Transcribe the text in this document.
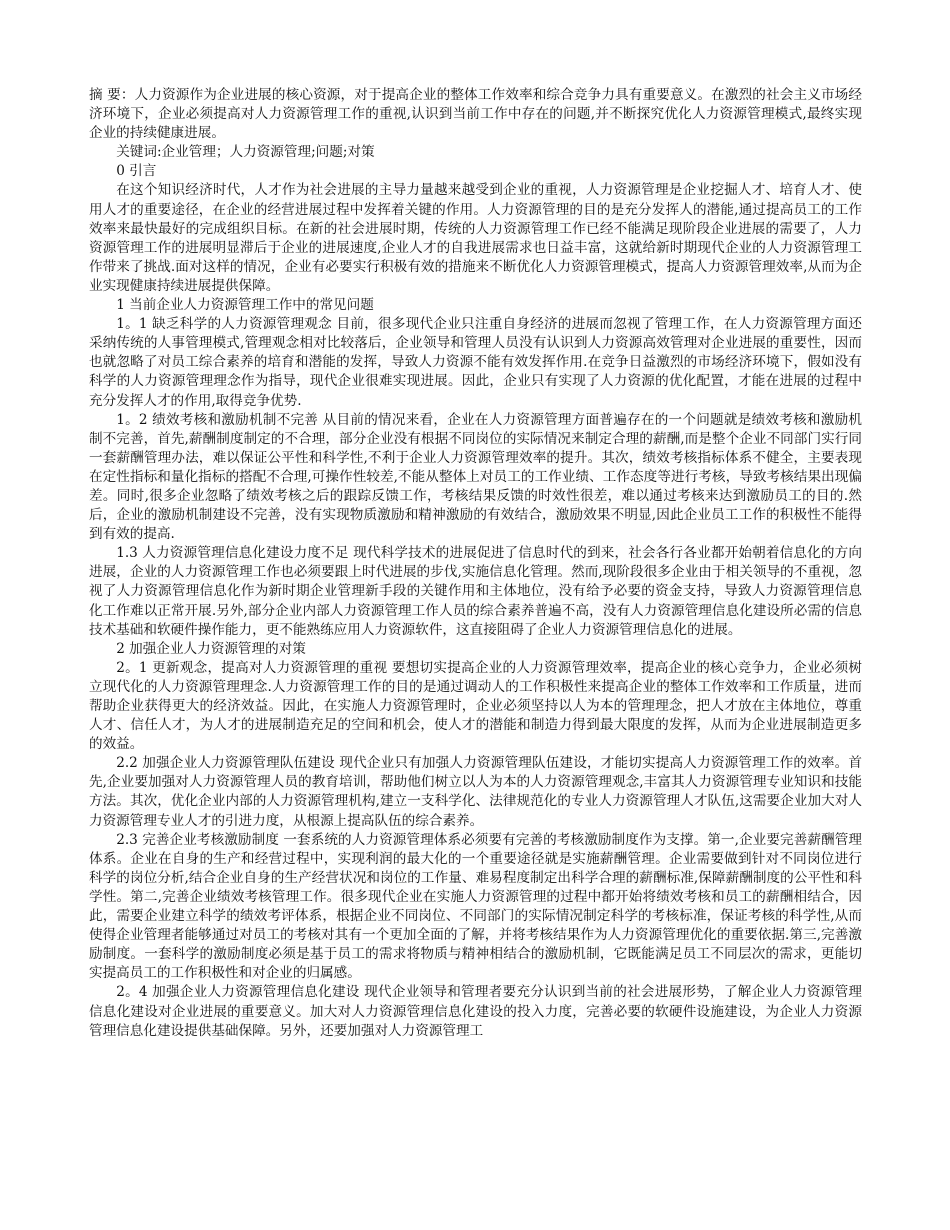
摘 要：人力资源作为企业进展的核心资源，对于提高企业的整体工作效率和综合竞争力具有重要意义。在激烈的社会主义市场经济环境下，企业必须提高对人力资源管理工作的重视,认识到当前工作中存在的问题,并不断探究优化人力资源管理模式,最终实现企业的持续健康进展。

关键词:企业管理；人力资源管理;问题;对策

0 引言

在这个知识经济时代，人才作为社会进展的主导力量越来越受到企业的重视，人力资源管理是企业挖掘人才、培育人才、使用人才的重要途径，在企业的经营进展过程中发挥着关键的作用。人力资源管理的目的是充分发挥人的潜能,通过提高员工的工作效率来最快最好的完成组织目标。在新的社会进展时期，传统的人力资源管理工作已经不能满足现阶段企业进展的需要了，人力资源管理工作的进展明显滞后于企业的进展速度,企业人才的自我进展需求也日益丰富，这就给新时期现代企业的人力资源管理工作带来了挑战.面对这样的情况，企业有必要实行积极有效的措施来不断优化人力资源管理模式，提高人力资源管理效率,从而为企业实现健康持续进展提供保障。

1 当前企业人力资源管理工作中的常见问题

1。1 缺乏科学的人力资源管理观念 目前，很多现代企业只注重自身经济的进展而忽视了管理工作，在人力资源管理方面还采纳传统的人事管理模式,管理观念相对比较落后，企业领导和管理人员没有认识到人力资源高效管理对企业进展的重要性，因而也就忽略了对员工综合素养的培育和潜能的发挥，导致人力资源不能有效发挥作用.在竞争日益激烈的市场经济环境下，假如没有科学的人力资源管理理念作为指导，现代企业很难实现进展。因此，企业只有实现了人力资源的优化配置，才能在进展的过程中充分发挥人才的作用,取得竞争优势.

1。2 绩效考核和激励机制不完善 从目前的情况来看，企业在人力资源管理方面普遍存在的一个问题就是绩效考核和激励机制不完善，首先,薪酬制度制定的不合理，部分企业没有根据不同岗位的实际情况来制定合理的薪酬,而是整个企业不同部门实行同一套薪酬管理办法，难以保证公平性和科学性,不利于企业人力资源管理效率的提升。其次，绩效考核指标体系不健全，主要表现在定性指标和量化指标的搭配不合理,可操作性较差,不能从整体上对员工的工作业绩、工作态度等进行考核，导致考核结果出现偏差。同时,很多企业忽略了绩效考核之后的跟踪反馈工作，考核结果反馈的时效性很差，难以通过考核来达到激励员工的目的.然后，企业的激励机制建设不完善，没有实现物质激励和精神激励的有效结合，激励效果不明显,因此企业员工工作的积极性不能得到有效的提高.

1.3 人力资源管理信息化建设力度不足 现代科学技术的进展促进了信息时代的到来，社会各行各业都开始朝着信息化的方向进展，企业的人力资源管理工作也必须要跟上时代进展的步伐,实施信息化管理。然而,现阶段很多企业由于相关领导的不重视，忽视了人力资源管理信息化作为新时期企业管理新手段的关键作用和主体地位，没有给予必要的资金支持，导致人力资源管理信息化工作难以正常开展.另外,部分企业内部人力资源管理工作人员的综合素养普遍不高，没有人力资源管理信息化建设所必需的信息技术基础和软硬件操作能力，更不能熟练应用人力资源软件，这直接阻碍了企业人力资源管理信息化的进展。

2 加强企业人力资源管理的对策

2。1 更新观念，提高对人力资源管理的重视 要想切实提高企业的人力资源管理效率，提高企业的核心竞争力，企业必须树立现代化的人力资源管理理念.人力资源管理工作的目的是通过调动人的工作积极性来提高企业的整体工作效率和工作质量，进而帮助企业获得更大的经济效益。因此，在实施人力资源管理时，企业必须坚持以人为本的管理理念，把人才放在主体地位，尊重人才、信任人才，为人才的进展制造充足的空间和机会，使人才的潜能和制造力得到最大限度的发挥，从而为企业进展制造更多的效益。

2.2 加强企业人力资源管理队伍建设 现代企业只有加强人力资源管理队伍建设，才能切实提高人力资源管理工作的效率。首先,企业要加强对人力资源管理人员的教育培训，帮助他们树立以人为本的人力资源管理观念,丰富其人力资源管理专业知识和技能方法。其次，优化企业内部的人力资源管理机构,建立一支科学化、法律规范化的专业人力资源管理人才队伍,这需要企业加大对人力资源管理专业人才的引进力度，从根源上提高队伍的综合素养。

2.3 完善企业考核激励制度 一套系统的人力资源管理体系必须要有完善的考核激励制度作为支撑。第一,企业要完善薪酬管理体系。企业在自身的生产和经营过程中，实现利润的最大化的一个重要途径就是实施薪酬管理。企业需要做到针对不同岗位进行科学的岗位分析,结合企业自身的生产经营状况和岗位的工作量、难易程度制定出科学合理的薪酬标准,保障薪酬制度的公平性和科学性。第二,完善企业绩效考核管理工作。很多现代企业在实施人力资源管理的过程中都开始将绩效考核和员工的薪酬相结合，因此，需要企业建立科学的绩效考评体系，根据企业不同岗位、不同部门的实际情况制定科学的考核标准，保证考核的科学性,从而使得企业管理者能够通过对员工的考核对其有一个更加全面的了解，并将考核结果作为人力资源管理优化的重要依据.第三,完善激励制度。一套科学的激励制度必须是基于员工的需求将物质与精神相结合的激励机制，它既能满足员工不同层次的需求，更能切实提高员工的工作积极性和对企业的归属感。

2。4 加强企业人力资源管理信息化建设 现代企业领导和管理者要充分认识到当前的社会进展形势，了解企业人力资源管理信息化建设对企业进展的重要意义。加大对人力资源管理信息化建设的投入力度，完善必要的软硬件设施建设，为企业人力资源管理信息化建设提供基础保障。另外，还要加强对人力资源管理工
